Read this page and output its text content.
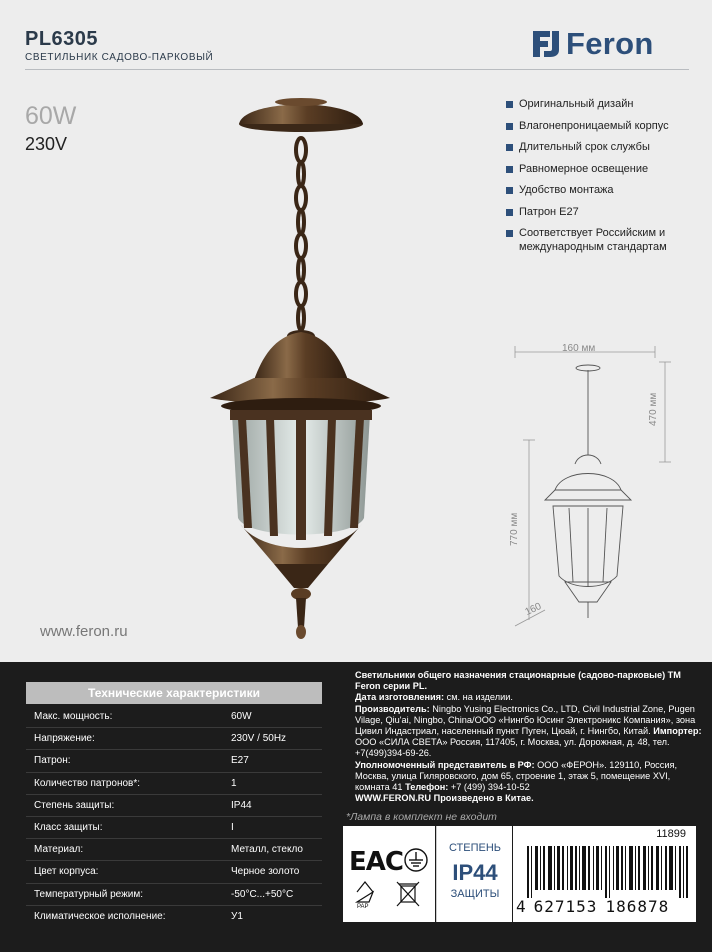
PL6305
СВЕТИЛЬНИК САДОВО-ПАРКОВЫЙ	Feron
60W
230V
Оригинальный дизайн
Влагонепроницаемый корпус
Длительный срок службы
Равномерное освещение
Удобство монтажа
Патрон E27
Соответствует Российским и международным стандартам
www.feron.ru
160 мм
470 мм
770 мм
160
Технические характеристики
Макс. мощность:	60W
Напряжение:	230V / 50Hz
Патрон:	E27
Количество патронов*:	1
Степень защиты:	IP44
Класс защиты:	I
Материал:	Металл, стекло
Цвет корпуса:	Черное золото
Температурный режим:	-50°C...+50°C
Климатическое исполнение:	У1
Светильники общего назначения стационарные (садово-парковые) ТМ Feron серии PL.
Дата изготовления: см. на изделии.
Производитель: Ningbo Yusing Electronics Co., LTD, Civil Industrial Zone, Pugen Vilage, Qiu'ai, Ningbo, China/ООО «Нингбо Юсинг Электроникс Компания», зона Цивил Индастриал, населенный пункт Пуген, Цюай, г. Нингбо, Китай. Импортер: ООО «СИЛА СВЕТА» Россия, 117405, г. Москва, ул. Дорожная, д. 48, тел. +7(499)394-69-26.
Уполномоченный представитель в РФ: ООО «ФЕРОН». 129110, Россия, Москва, улица Гиляровского, дом 65, строение 1, этаж 5, помещение XVI, комната 41 Телефон: +7 (499) 394-10-52
WWW.FERON.RU Произведено в Китае.
*Лампа в комплект не входит
EAC
PAP
СТЕПЕНЬ
IP44
ЗАЩИТЫ
11899
4 627153 186878
